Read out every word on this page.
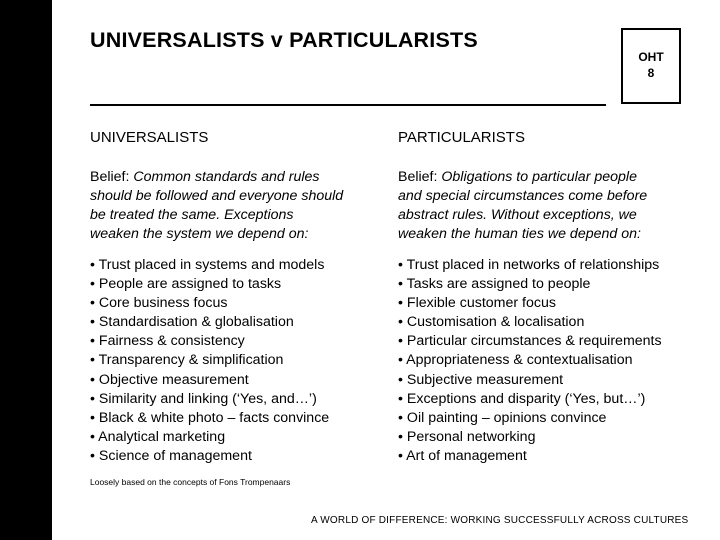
UNIVERSALISTS v PARTICULARISTS
OHT
8
UNIVERSALISTS
Belief: Common standards and rules
should be followed and everyone should
be treated the same. Exceptions
weaken the system we depend on:
• Trust placed in systems and models
• People are assigned to tasks
• Core business focus
• Standardisation & globalisation
• Fairness & consistency
• Transparency & simplification
• Objective measurement
• Similarity and linking (‘Yes, and…’)
• Black & white photo – facts convince
• Analytical marketing
• Science of management
PARTICULARISTS
Belief: Obligations to particular people
and special circumstances come before
abstract rules. Without exceptions, we
weaken the human ties we depend on:
• Trust placed in networks of relationships
• Tasks are assigned to people
• Flexible customer focus
• Customisation & localisation
• Particular circumstances & requirements
• Appropriateness & contextualisation
• Subjective measurement
• Exceptions and disparity (‘Yes, but…’)
• Oil painting – opinions convince
• Personal networking
• Art of management
Loosely based on the concepts of Fons Trompenaars
A WORLD OF DIFFERENCE: WORKING SUCCESSFULLY ACROSS CULTURES
